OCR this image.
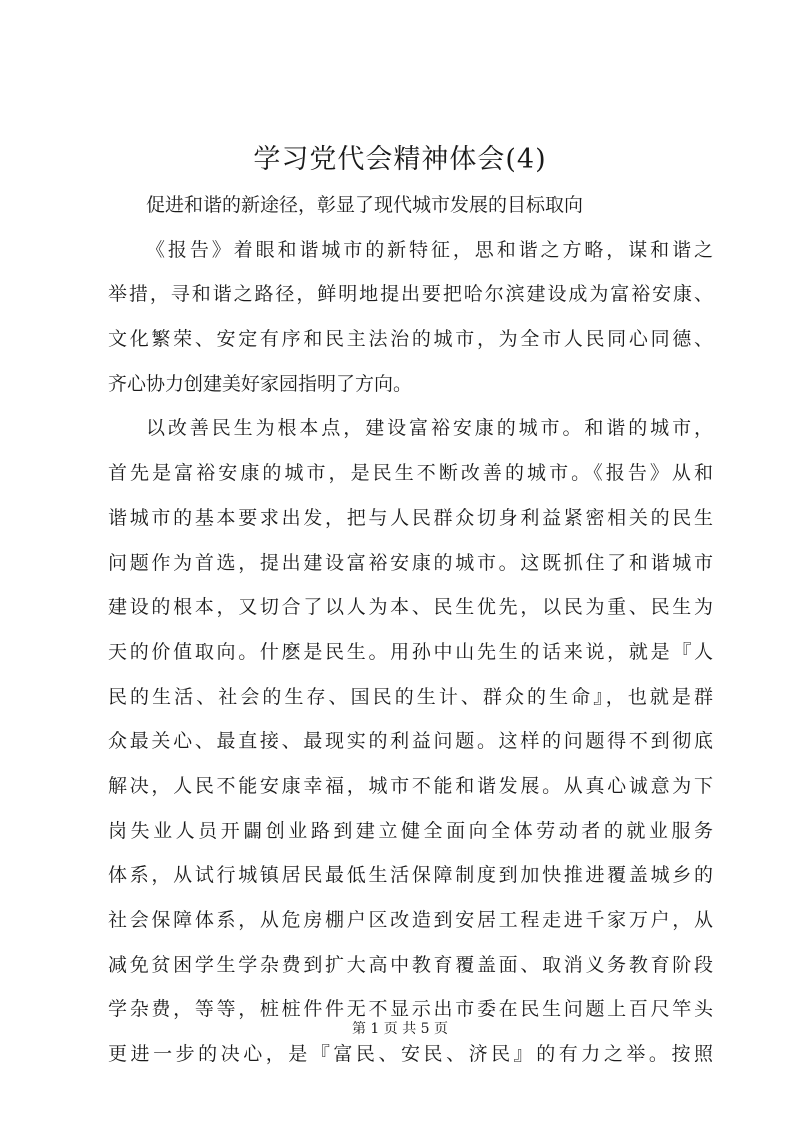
学习党代会精神体会(4)
促进和谐的新途径，彰显了现代城市发展的目标取向
《报告》着眼和谐城市的新特征，思和谐之方略，谋和谐之
举措，寻和谐之路径，鲜明地提出要把哈尔滨建设成为富裕安康、
文化繁荣、安定有序和民主法治的城市，为全市人民同心同德、
齐心协力创建美好家园指明了方向。
以改善民生为根本点，建设富裕安康的城市。和谐的城市，
首先是富裕安康的城市，是民生不断改善的城市。《报告》从和
谐城市的基本要求出发，把与人民群众切身利益紧密相关的民生
问题作为首选，提出建设富裕安康的城市。这既抓住了和谐城市
建设的根本，又切合了以人为本、民生优先，以民为重、民生为
天的价值取向。什麽是民生。用孙中山先生的话来说，就是『人
民的生活、社会的生存、国民的生计、群众的生命』，也就是群
众最关心、最直接、最现实的利益问题。这样的问题得不到彻底
解决，人民不能安康幸福，城市不能和谐发展。从真心诚意为下
岗失业人员开闢创业路到建立健全面向全体劳动者的就业服务
体系，从试行城镇居民最低生活保障制度到加快推进覆盖城乡的
社会保障体系，从危房棚户区改造到安居工程走进千家万户，从
减免贫困学生学杂费到扩大高中教育覆盖面、取消义务教育阶段
学杂费，等等，桩桩件件无不显示出市委在民生问题上百尺竿头
更进一步的决心，是『富民、安民、济民』的有力之举。按照
第 1 页 共 5 页
